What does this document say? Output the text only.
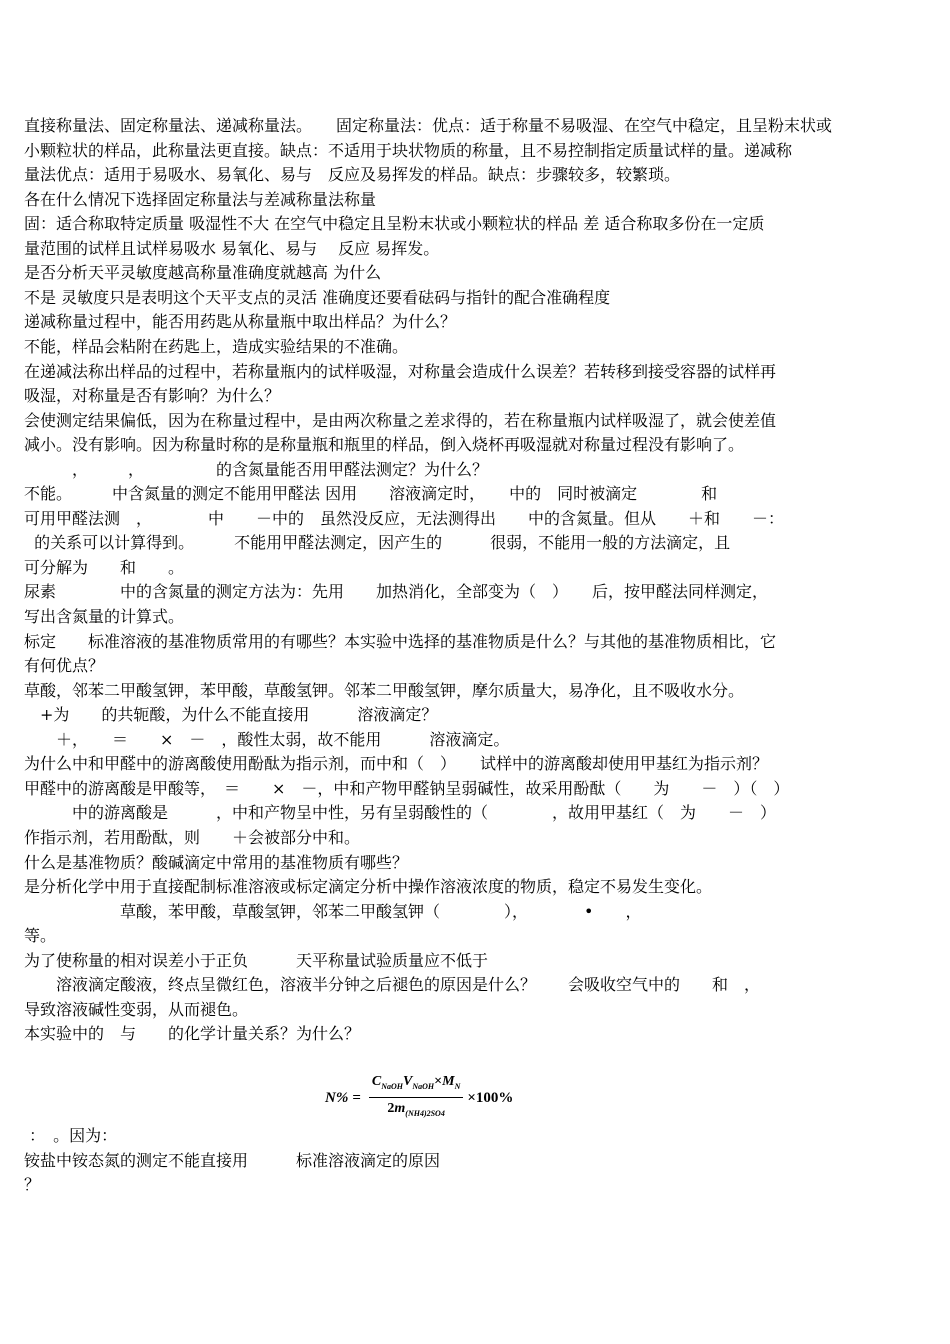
直接称量法、固定称量法、递减称量法。　　固定称量法：优点：适于称量不易吸湿、在空气中稳定，且呈粉末状或
小颗粒状的样品，此称量法更直接。缺点：不适用于块状物质的称量，且不易控制指定质量试样的量。递减称
量法优点：适用于易吸水、易氧化、易与　反应及易挥发的样品。缺点：步骤较多，较繁琐。
各在什么情况下选择固定称量法与差减称量法称量
固：适合称取特定质量 吸湿性不大 在空气中稳定且呈粉末状或小颗粒状的样品 差 适合称取多份在一定质
量范围的试样且试样易吸水 易氧化、易与　 反应 易挥发。
是否分析天平灵敏度越高称量准确度就越高 为什么
不是 灵敏度只是表明这个天平支点的灵活 准确度还要看砝码与指针的配合准确程度
递减称量过程中，能否用药匙从称量瓶中取出样品？为什么？
不能，样品会粘附在药匙上，造成实验结果的不准确。
在递减法称出样品的过程中，若称量瓶内的试样吸湿，对称量会造成什么误差？若转移到接受容器的试样再
吸湿，对称量是否有影响？为什么？
会使测定结果偏低，因为在称量过程中，是由两次称量之差求得的，若在称量瓶内试样吸湿了，就会使差值
减小。没有影响。因为称量时称的是称量瓶和瓶里的样品，倒入烧杯再吸湿就对称量过程没有影响了。
　　　，　　　，　　　　　的含氮量能否用甲醛法测定？为什么？
不能。　　　中含氮量的测定不能用甲醛法 因用　　溶液滴定时，　　中的　同时被滴定　　　　和
可用甲醛法测　，　　　　中　　－中的　虽然没反应，无法测得出　　中的含氮量。但从　　＋和　　－：
的关系可以计算得到。　　　不能用甲醛法测定，因产生的　　　很弱，不能用一般的方法滴定，且
可分解为　　和　　。
尿素　　　　中的含氮量的测定方法为：先用　　加热消化，全部变为（　）　　后，按甲醛法同样测定，
写出含氮量的计算式。
标定　　标准溶液的基准物质常用的有哪些？本实验中选择的基准物质是什么？与其他的基准物质相比，它
有何优点？
草酸，邻苯二甲酸氢钾，苯甲酸，草酸氢钾。邻苯二甲酸氢钾，摩尔质量大，易净化，且不吸收水分。
　+为　　的共轭酸，为什么不能直接用　　　溶液滴定？
　　＋，　　＝　　×　－　，酸性太弱，故不能用　　　溶液滴定。
为什么中和甲醛中的游离酸使用酚酞为指示剂，而中和（　）　　试样中的游离酸却使用甲基红为指示剂？
甲醛中的游离酸是甲酸等，　＝　　×　－，中和产物甲醛钠呈弱碱性，故采用酚酞（　　为　　－　）（　）
　　　中的游离酸是　　　，中和产物呈中性，另有呈弱酸性的（　　　　，故用甲基红（　为　　－　）
作指示剂，若用酚酞，则　　＋会被部分中和。
什么是基准物质？酸碱滴定中常用的基准物质有哪些？
是分析化学中用于直接配制标准溶液或标定滴定分析中操作溶液浓度的物质，稳定不易发生变化。
　　　　　　草酸，苯甲酸，草酸氢钾，邻苯二甲酸氢钾（　　　　），　　　　•　　，
等。
为了使称量的相对误差小于正负　　　天平称量试验质量应不低于
　　溶液滴定酸液，终点呈微红色，溶液半分钟之后褪色的原因是什么？　　会吸收空气中的　　和　，
导致溶液碱性变弱，从而褪色。
本实验中的　与　　的化学计量关系？为什么？
$N\% = \frac{C_{NaOH}V_{NaOH}\times M_N}{2m_{(NH4)2SO4}} \times 100\%$
：　。因为：
铵盐中铵态氮的测定不能直接用　　　标准溶液滴定的原因
？
